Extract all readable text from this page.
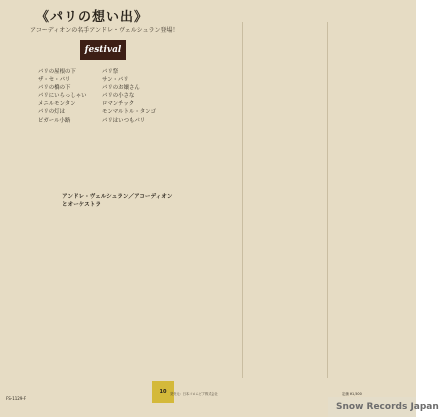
《パリの想い出》
アコーディオンの名手アンドレ・ヴェルシュラン登場！
festival
パリの屋根の下	パリ祭
ザ・セ・パリ	サン・パリ
パリの橋の下	パリのお嬢さん
パリにいらっしゃい	パリの小さな
メニルモンタン	ロマンチック
パリの灯は	モンマルトル・タンゴ
ピガール小路	パリはいつもパリ
アンドレ・ヴェルシュラン／アコーディオン
とオーケストラ
10	発売元：日本コロムビア株式会社	定価 ¥1,500
FS-1129-F
Snow Records Japan
